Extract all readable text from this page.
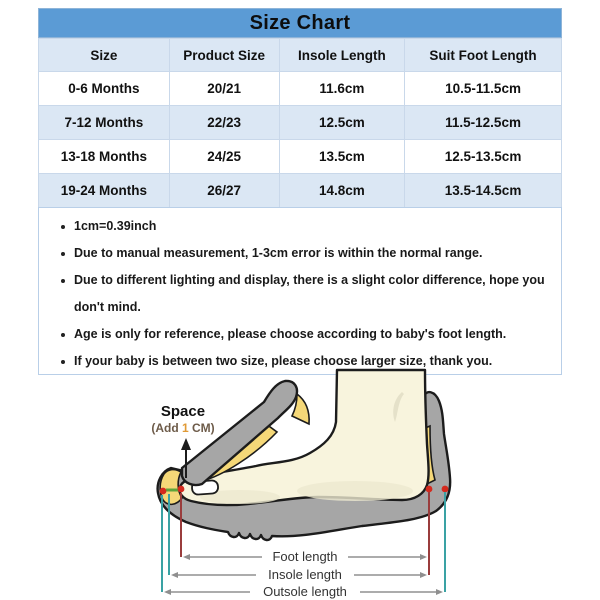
Size Chart
Size	Product Size	Insole Length	Suit Foot Length
0-6 Months	20/21	11.6cm	10.5-11.5cm
7-12 Months	22/23	12.5cm	11.5-12.5cm
13-18 Months	24/25	13.5cm	12.5-13.5cm
19-24 Months	26/27	14.8cm	13.5-14.5cm
1cm=0.39inch
Due to manual measurement, 1-3cm error is within the normal range.
Due to different lighting and display, there is a slight color difference, hope you don't mind.
Age is only for reference, please choose according to baby's foot length.
If your baby is between two size, please choose larger size, thank you.
Space
(Add 1 CM)
Foot length
Insole length
Outsole length
